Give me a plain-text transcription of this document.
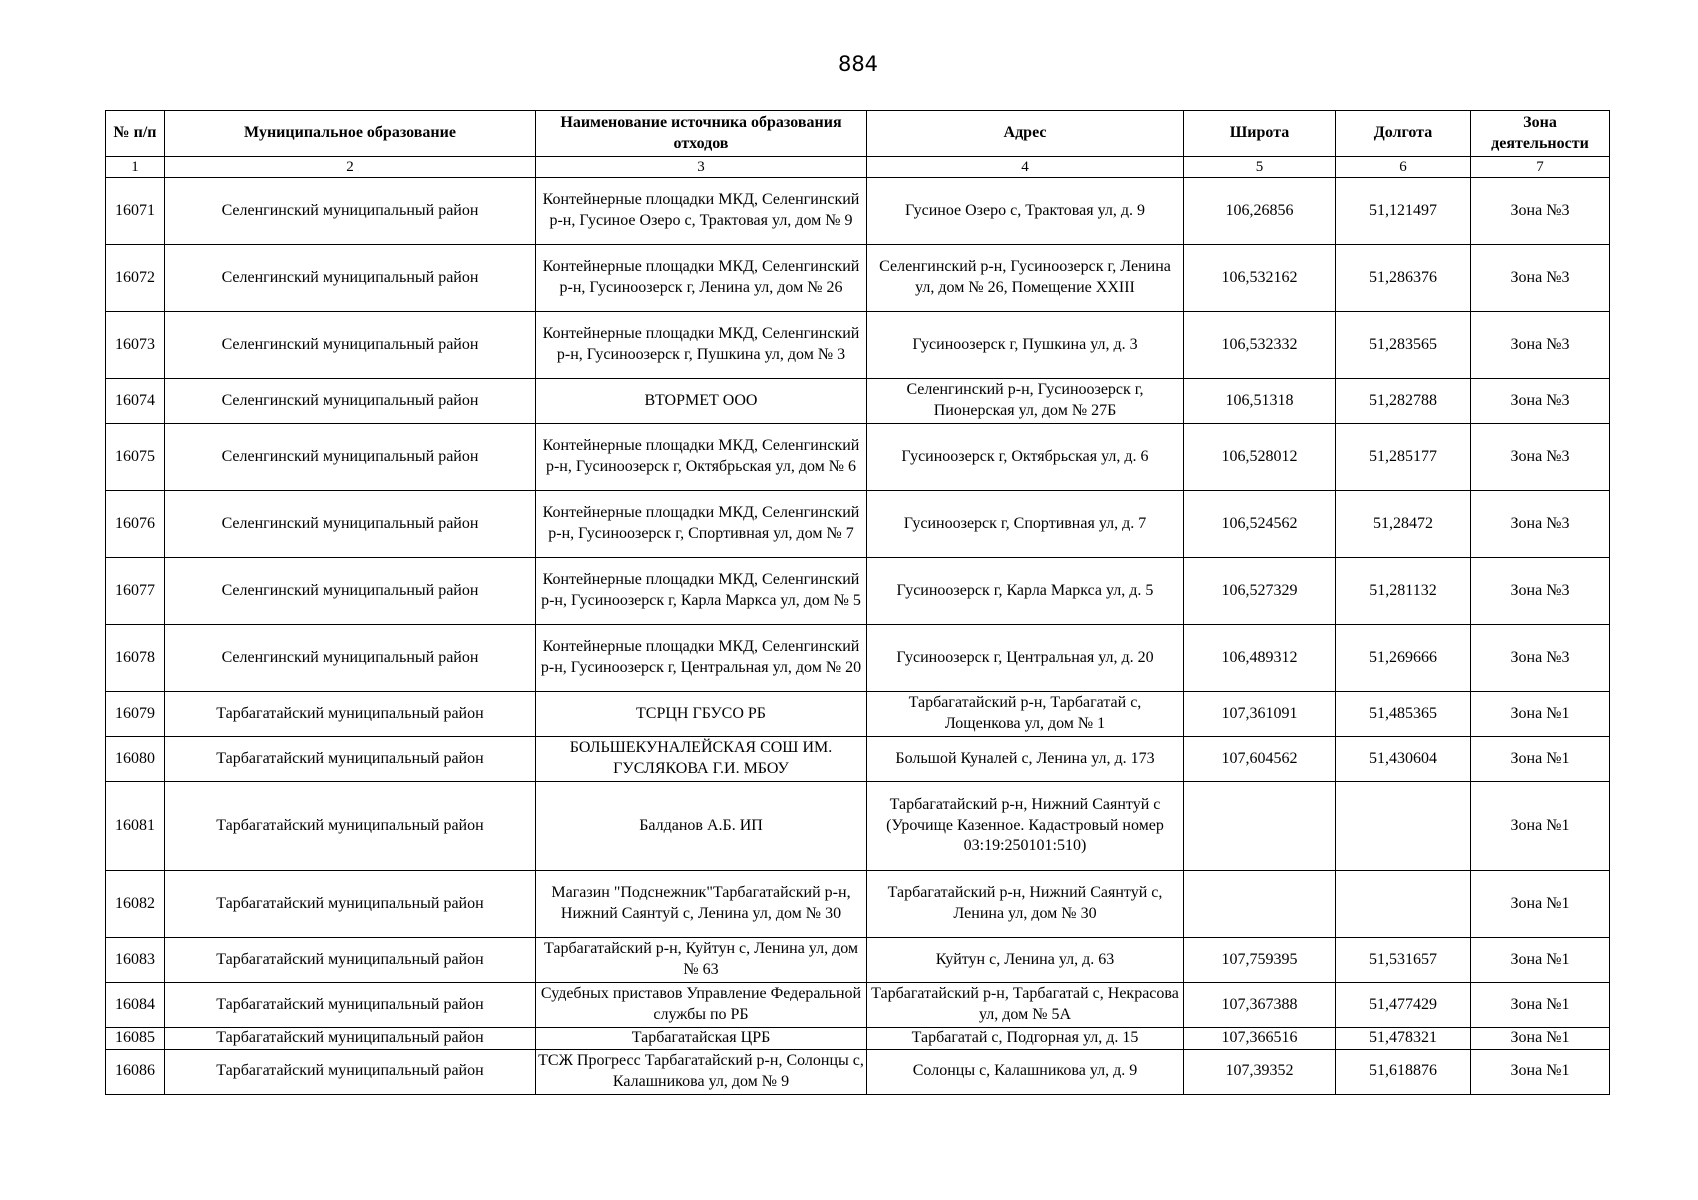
884
№ п/п	Муниципальное образование	Наименование источника образования отходов	Адрес	Широта	Долгота	Зона деятельности
1	2	3	4	5	6	7
16071	Селенгинский муниципальный район	Контейнерные площадки МКД, Селенгинский р-н, Гусиное Озеро с, Трактовая ул, дом № 9	Гусиное Озеро с, Трактовая ул, д. 9	106,26856	51,121497	Зона №3
16072	Селенгинский муниципальный район	Контейнерные площадки МКД, Селенгинский р-н, Гусиноозерск г, Ленина ул, дом № 26	Селенгинский р-н, Гусиноозерск г, Ленина ул, дом № 26, Помещение XXIII	106,532162	51,286376	Зона №3
16073	Селенгинский муниципальный район	Контейнерные площадки МКД, Селенгинский р-н, Гусиноозерск г, Пушкина ул, дом № 3	Гусиноозерск г, Пушкина ул, д. 3	106,532332	51,283565	Зона №3
16074	Селенгинский муниципальный район	ВТОРМЕТ ООО	Селенгинский р-н, Гусиноозерск г, Пионерская ул, дом № 27Б	106,51318	51,282788	Зона №3
16075	Селенгинский муниципальный район	Контейнерные площадки МКД, Селенгинский р-н, Гусиноозерск г, Октябрьская ул, дом № 6	Гусиноозерск г, Октябрьская ул, д. 6	106,528012	51,285177	Зона №3
16076	Селенгинский муниципальный район	Контейнерные площадки МКД, Селенгинский р-н, Гусиноозерск г, Спортивная ул, дом № 7	Гусиноозерск г, Спортивная ул, д. 7	106,524562	51,28472	Зона №3
16077	Селенгинский муниципальный район	Контейнерные площадки МКД, Селенгинский р-н, Гусиноозерск г, Карла Маркса ул, дом № 5	Гусиноозерск г, Карла Маркса ул, д. 5	106,527329	51,281132	Зона №3
16078	Селенгинский муниципальный район	Контейнерные площадки МКД, Селенгинский р-н, Гусиноозерск г, Центральная ул, дом № 20	Гусиноозерск г, Центральная ул, д. 20	106,489312	51,269666	Зона №3
16079	Тарбагатайский муниципальный район	ТСРЦН ГБУСО РБ	Тарбагатайский р-н, Тарбагатай с, Лощенкова ул, дом № 1	107,361091	51,485365	Зона №1
16080	Тарбагатайский муниципальный район	БОЛЬШЕКУНАЛЕЙСКАЯ СОШ ИМ. ГУСЛЯКОВА Г.И. МБОУ	Большой Куналей с, Ленина ул, д. 173	107,604562	51,430604	Зона №1
16081	Тарбагатайский муниципальный район	Балданов А.Б. ИП	Тарбагатайский р-н, Нижний Саянтуй с (Урочище Казенное. Кадастровый номер 03:19:250101:510)			Зона №1
16082	Тарбагатайский муниципальный район	Магазин "Подснежник"Тарбагатайский р-н, Нижний Саянтуй с, Ленина ул, дом № 30	Тарбагатайский р-н, Нижний Саянтуй с, Ленина ул, дом № 30			Зона №1
16083	Тарбагатайский муниципальный район	Тарбагатайский р-н, Куйтун с, Ленина ул, дом № 63	Куйтун с, Ленина ул, д. 63	107,759395	51,531657	Зона №1
16084	Тарбагатайский муниципальный район	Судебных приставов Управление Федеральной службы по РБ	Тарбагатайский р-н, Тарбагатай с, Некрасова ул, дом № 5А	107,367388	51,477429	Зона №1
16085	Тарбагатайский муниципальный район	Тарбагатайская ЦРБ	Тарбагатай с, Подгорная ул, д. 15	107,366516	51,478321	Зона №1
16086	Тарбагатайский муниципальный район	ТСЖ Прогресс Тарбагатайский р-н, Солонцы с, Калашникова ул, дом № 9	Солонцы с, Калашникова ул, д. 9	107,39352	51,618876	Зона №1
